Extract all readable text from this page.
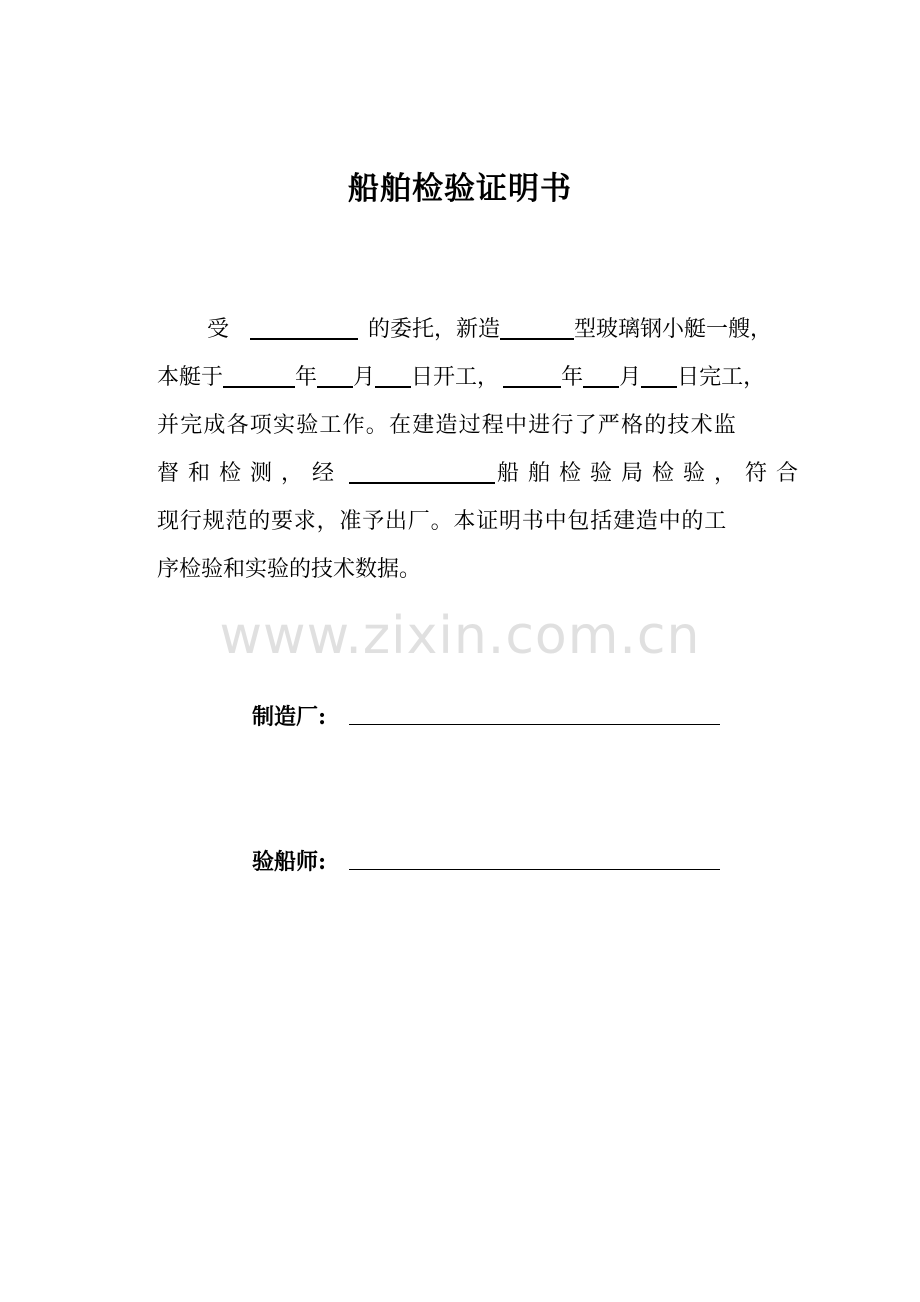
船舶检验证明书
受	的委托，新造	型玻璃钢小艇一艘，
本艇于	年 月 日开工，	年 月 日完工，
并完成各项实验工作。在建造过程中进行了严格的技术监
督和检测，经	船舶检验局检验，符合
现行规范的要求，准予出厂。本证明书中包括建造中的工
序检验和实验的技术数据。
www.zixin.com.cn
制造厂:
验船师:
